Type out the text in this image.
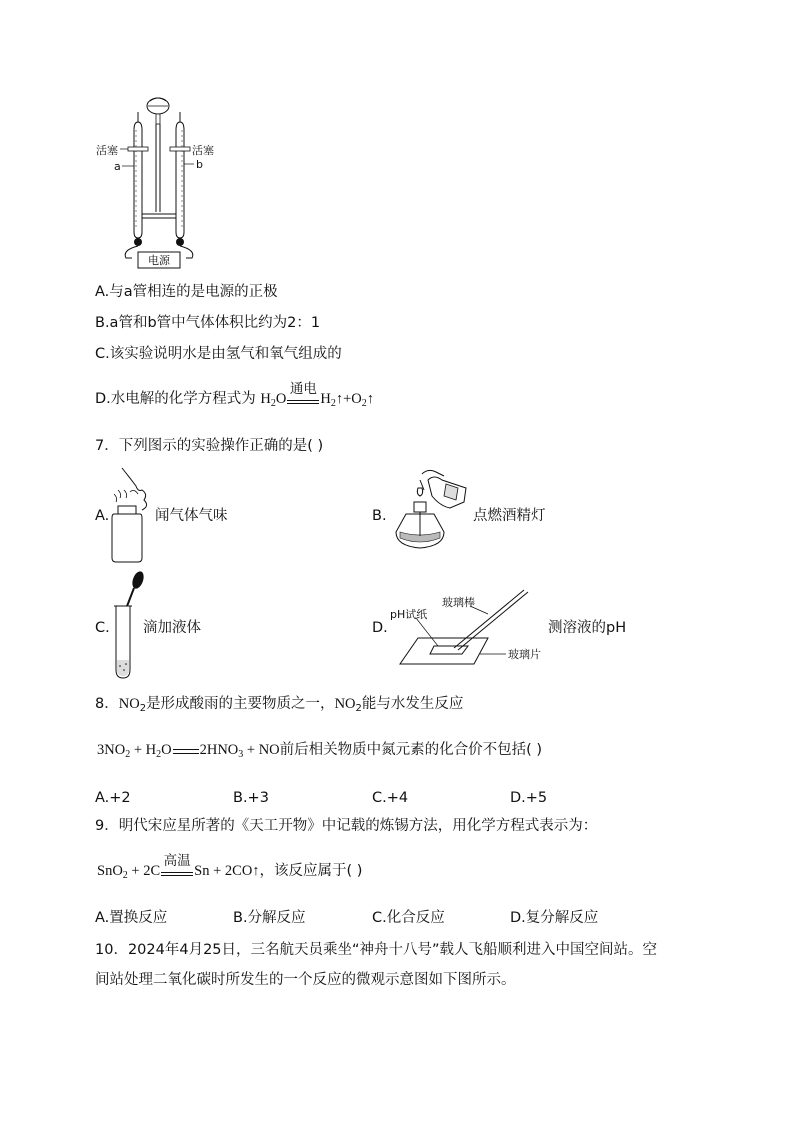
电源
活塞	活塞
a	b
A.与a管相连的是电源的正极
B.a管和b管中气体体积比约为2：1
C.该实验说明水是由氢气和氧气组成的
D.水电解的化学方程式为 $H_2O$
通电
$H_2↑+O_2↑$
7．下列图示的实验操作正确的是( )
A.	闻气体气味	B.	点燃酒精灯
C. 滴加液体	D.
pH试纸
玻璃棒
玻璃片
测溶液的pH
8．$NO_2$是形成酸雨的主要物质之一，$NO_2$能与水发生反应
$3NO_2 + H_2O$ $2HNO_3$ + NO前后相关物质中氮元素的化合价不包括( )
A.+2	B.+3	C.+4	D.+5
9．明代宋应星所著的《天工开物》中记载的炼锡方法，用化学方程式表示为：
SnO$_2$ + 2C
高温
Sn + 2CO↑，该反应属于( )
A.置换反应	B.分解反应	C.化合反应	D.复分解反应
10．2024年4月25日，三名航天员乘坐“神舟十八号”载人飞船顺利进入中国空间站。空
间站处理二氧化碳时所发生的一个反应的微观示意图如下图所示。
